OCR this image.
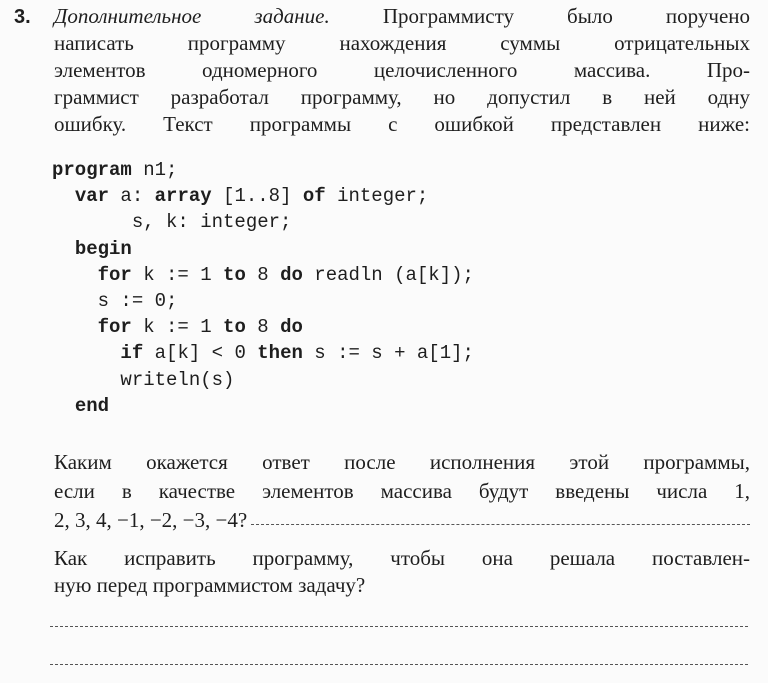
3. Дополнительное задание.	Программисту было поручено
написать программу нахождения суммы отрицательных
элементов одномерного целочисленного массива. Про-
граммист разработал программу, но допустил в ней одну
ошибку. Текст программы с ошибкой представлен ниже:
program n1;
var a: array [1..8] of integer;
s, k: integer;
begin
for k := 1 to 8 do readln (a[k]);
s := 0;
for k := 1 to 8 do
if a[k] < 0 then s := s + a[1];
writeln(s)
end
Каким окажется ответ после исполнения этой программы,
если в качестве элементов массива будут введены числа 1,
2, 3, 4, −1, −2, −3, −4?
Как исправить программу, чтобы она решала поставлен-
ную перед программистом задачу?
